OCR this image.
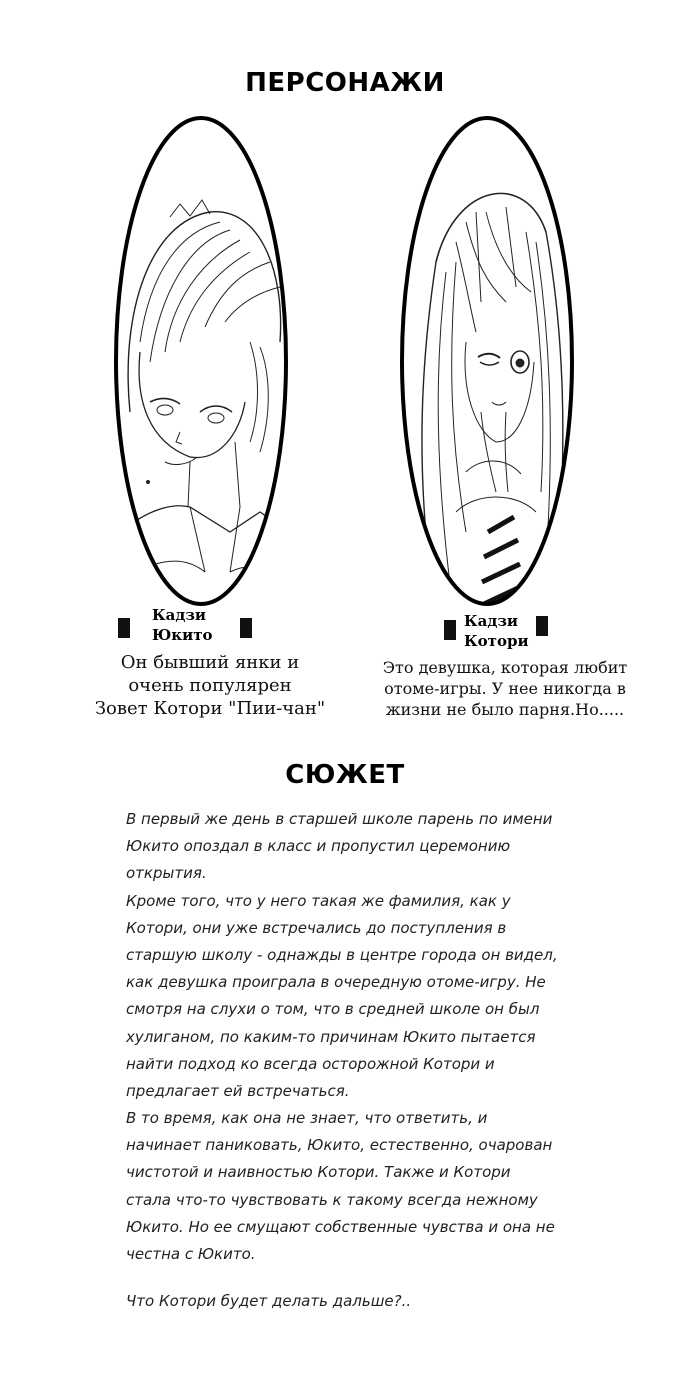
ПЕРСОНАЖИ
Кадзи
Юкито
Кадзи
Котори
Он бывший янки и
очень популярен
Зовет Котори "Пии-чан"
Это девушка, которая любит
отоме-игры. У нее никогда в
жизни не было парня.Но.....
СЮЖЕТ
В первый же день в старшей школе парень по имени
Юкито опоздал в класс и пропустил церемонию
открытия.
Кроме того, что у него такая же фамилия, как у
Котори, они уже встречались до поступления в
старшую школу - однажды в центре города он видел,
как девушка проиграла в очередную отоме-игру. Не
смотря на слухи о том, что в средней школе он был
хулиганом, по каким-то причинам Юкито пытается
найти подход ко всегда осторожной Котори и
предлагает ей встречаться.
В то время, как она не знает, что ответить, и
начинает паниковать, Юкито, естественно, очарован
чистотой и наивностью Котори. Также и Котори
стала что-то чувствовать к такому всегда нежному
Юкито. Но ее смущают собственные чувства и она не
честна с Юкито.
Что Котори будет делать дальше?..
